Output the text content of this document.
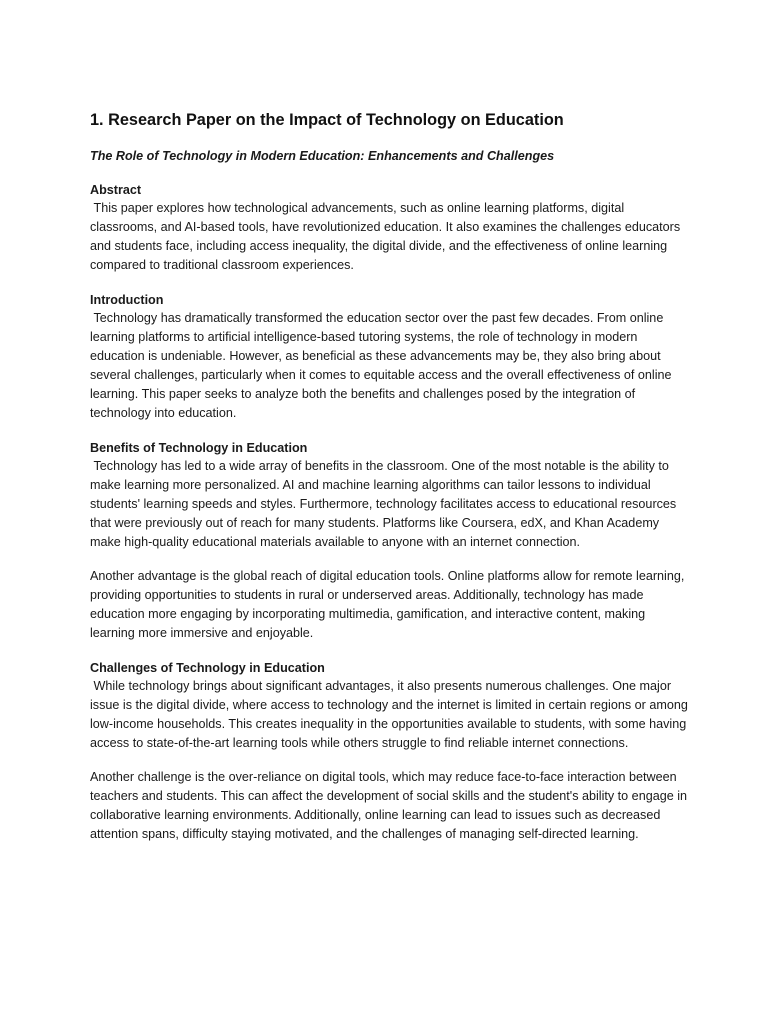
1. Research Paper on the Impact of Technology on Education
The Role of Technology in Modern Education: Enhancements and Challenges
Abstract

This paper explores how technological advancements, such as online learning platforms, digital classrooms, and AI-based tools, have revolutionized education. It also examines the challenges educators and students face, including access inequality, the digital divide, and the effectiveness of online learning compared to traditional classroom experiences.

Introduction

Technology has dramatically transformed the education sector over the past few decades. From online learning platforms to artificial intelligence-based tutoring systems, the role of technology in modern education is undeniable. However, as beneficial as these advancements may be, they also bring about several challenges, particularly when it comes to equitable access and the overall effectiveness of online learning. This paper seeks to analyze both the benefits and challenges posed by the integration of technology into education.

Benefits of Technology in Education

Technology has led to a wide array of benefits in the classroom. One of the most notable is the ability to make learning more personalized. AI and machine learning algorithms can tailor lessons to individual students' learning speeds and styles. Furthermore, technology facilitates access to educational resources that were previously out of reach for many students. Platforms like Coursera, edX, and Khan Academy make high-quality educational materials available to anyone with an internet connection.

Another advantage is the global reach of digital education tools. Online platforms allow for remote learning, providing opportunities to students in rural or underserved areas. Additionally, technology has made education more engaging by incorporating multimedia, gamification, and interactive content, making learning more immersive and enjoyable.

Challenges of Technology in Education

While technology brings about significant advantages, it also presents numerous challenges. One major issue is the digital divide, where access to technology and the internet is limited in certain regions or among low-income households. This creates inequality in the opportunities available to students, with some having access to state-of-the-art learning tools while others struggle to find reliable internet connections.

Another challenge is the over-reliance on digital tools, which may reduce face-to-face interaction between teachers and students. This can affect the development of social skills and the student's ability to engage in collaborative learning environments. Additionally, online learning can lead to issues such as decreased attention spans, difficulty staying motivated, and the challenges of managing self-directed learning.
